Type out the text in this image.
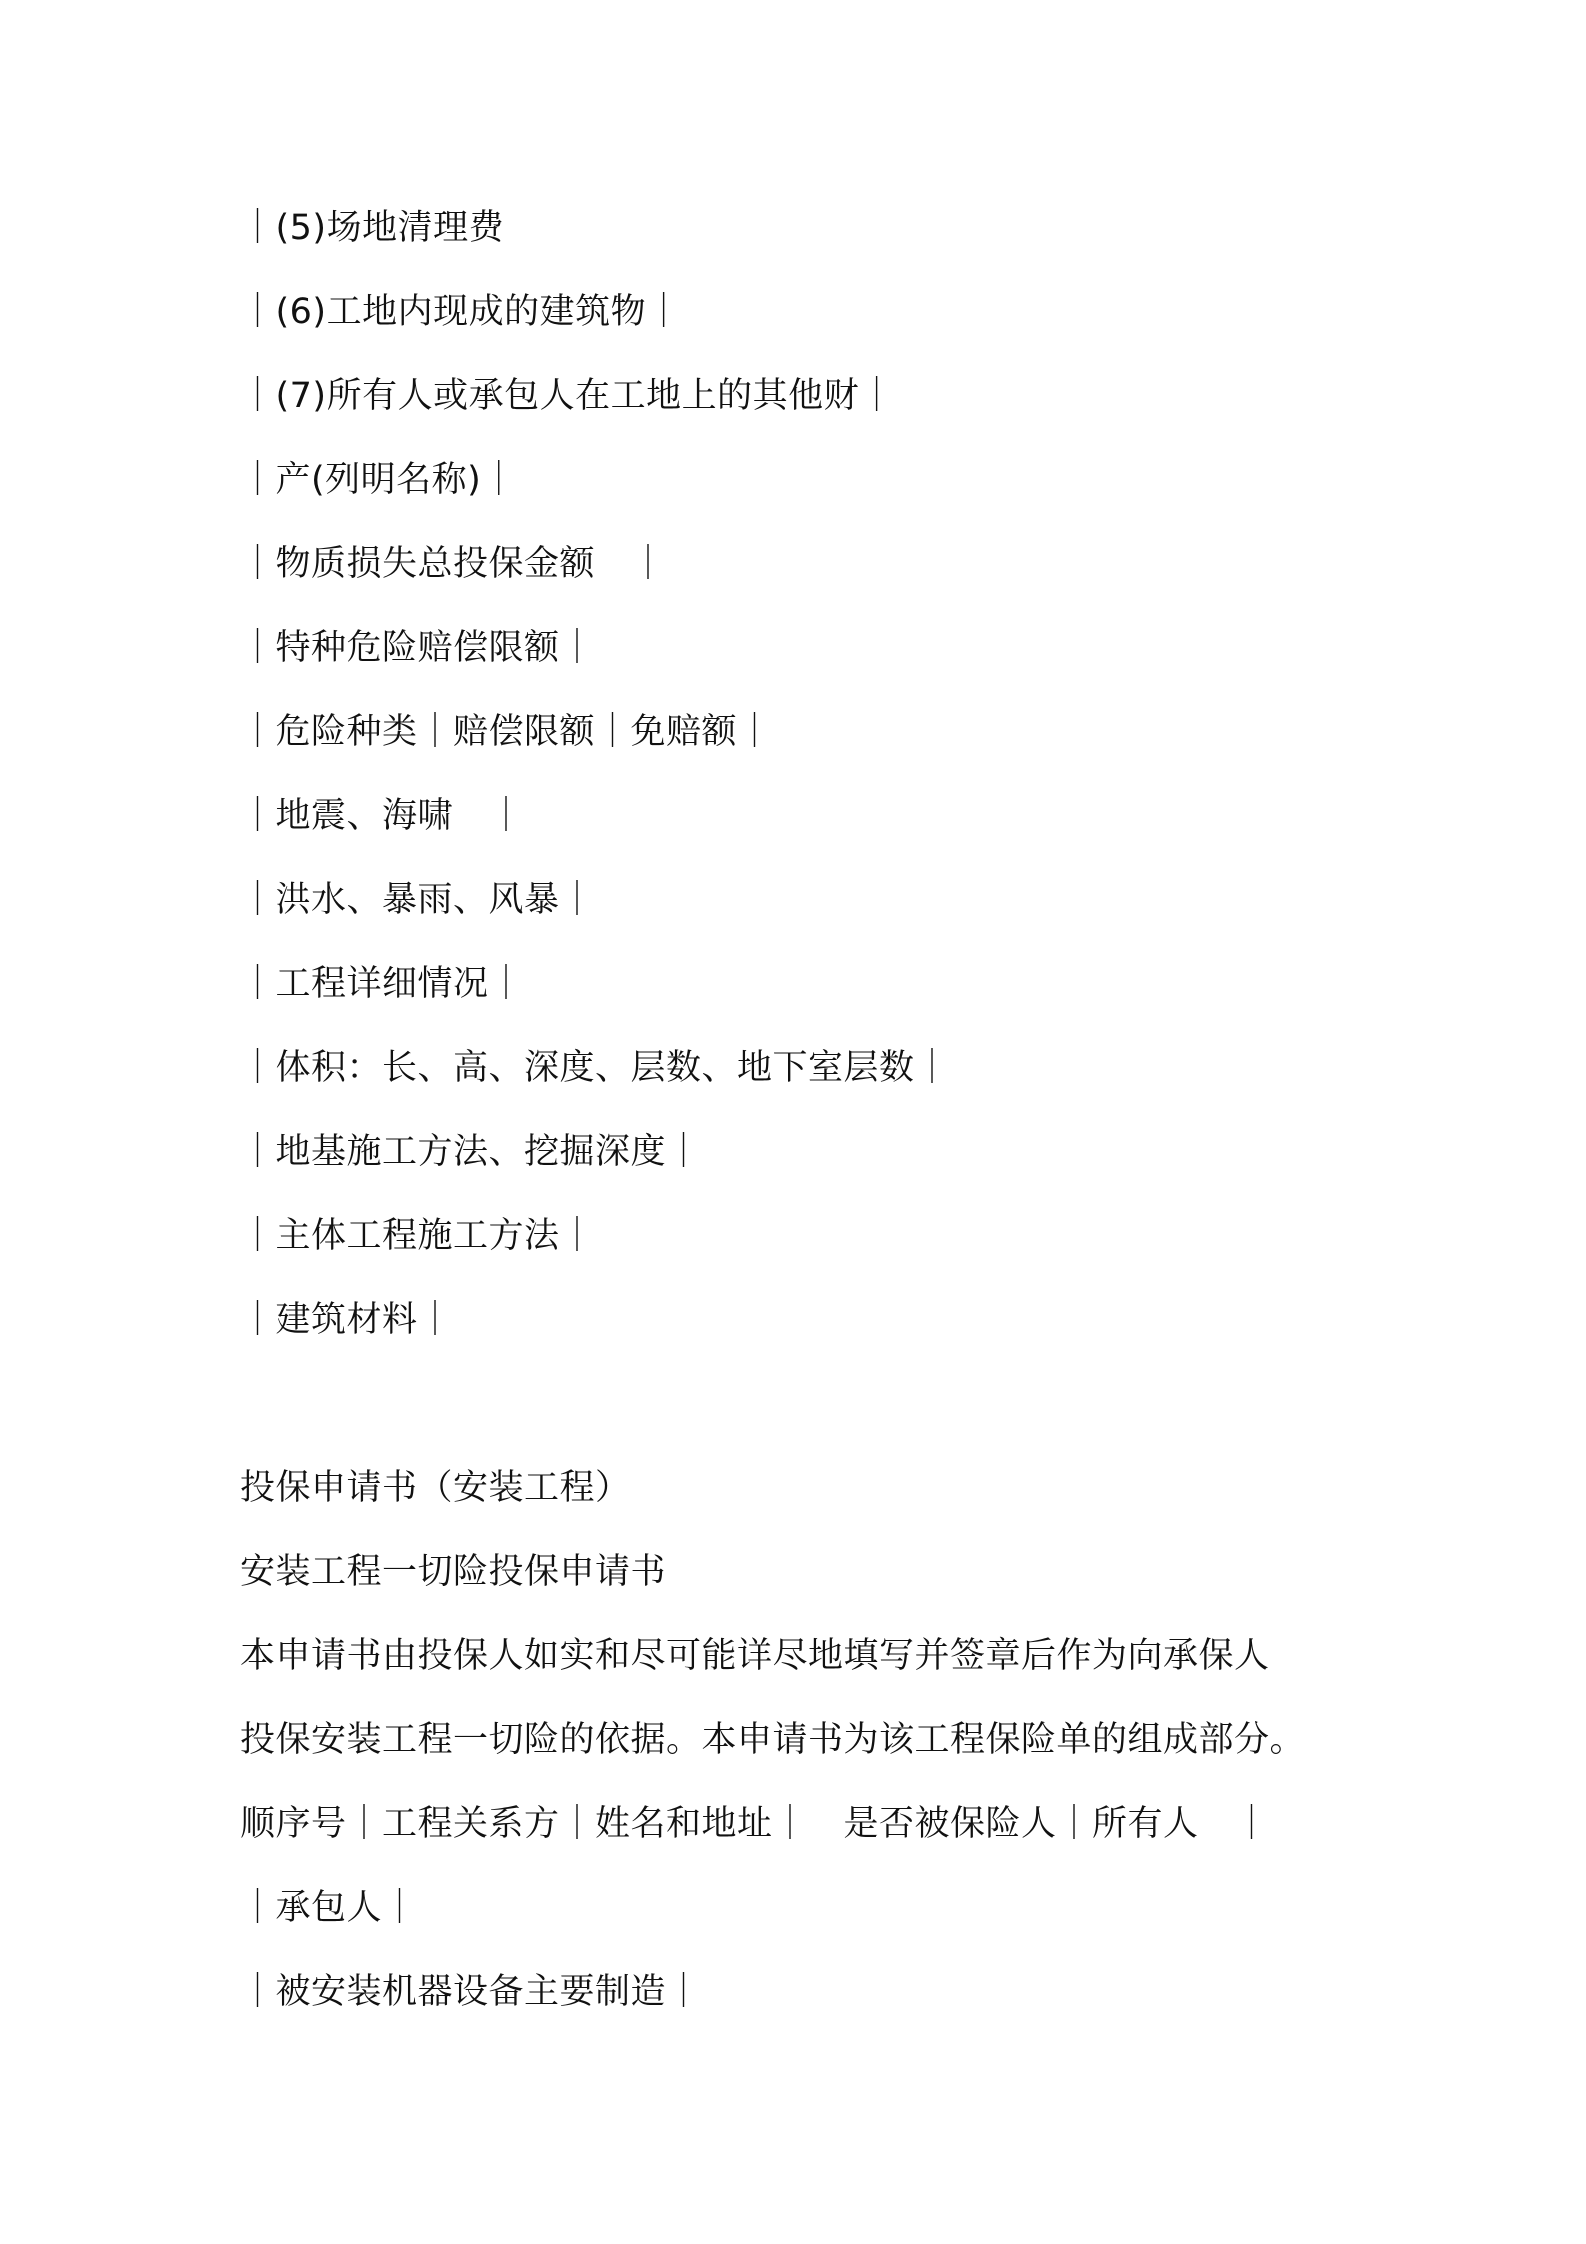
｜(5)场地清理费
｜(6)工地内现成的建筑物｜
｜(7)所有人或承包人在工地上的其他财｜
｜产(列明名称)｜
｜物质损失总投保金额　｜
｜特种危险赔偿限额｜
｜危险种类｜赔偿限额｜免赔额｜
｜地震、海啸　｜
｜洪水、暴雨、风暴｜
｜工程详细情况｜
｜体积：长、高、深度、层数、地下室层数｜
｜地基施工方法、挖掘深度｜
｜主体工程施工方法｜
｜建筑材料｜
投保申请书（安装工程）
安装工程一切险投保申请书
本申请书由投保人如实和尽可能详尽地填写并签章后作为向承保人
投保安装工程一切险的依据。本申请书为该工程保险单的组成部分。
顺序号｜工程关系方｜姓名和地址｜　是否被保险人｜所有人　｜
｜承包人｜
｜被安装机器设备主要制造｜
